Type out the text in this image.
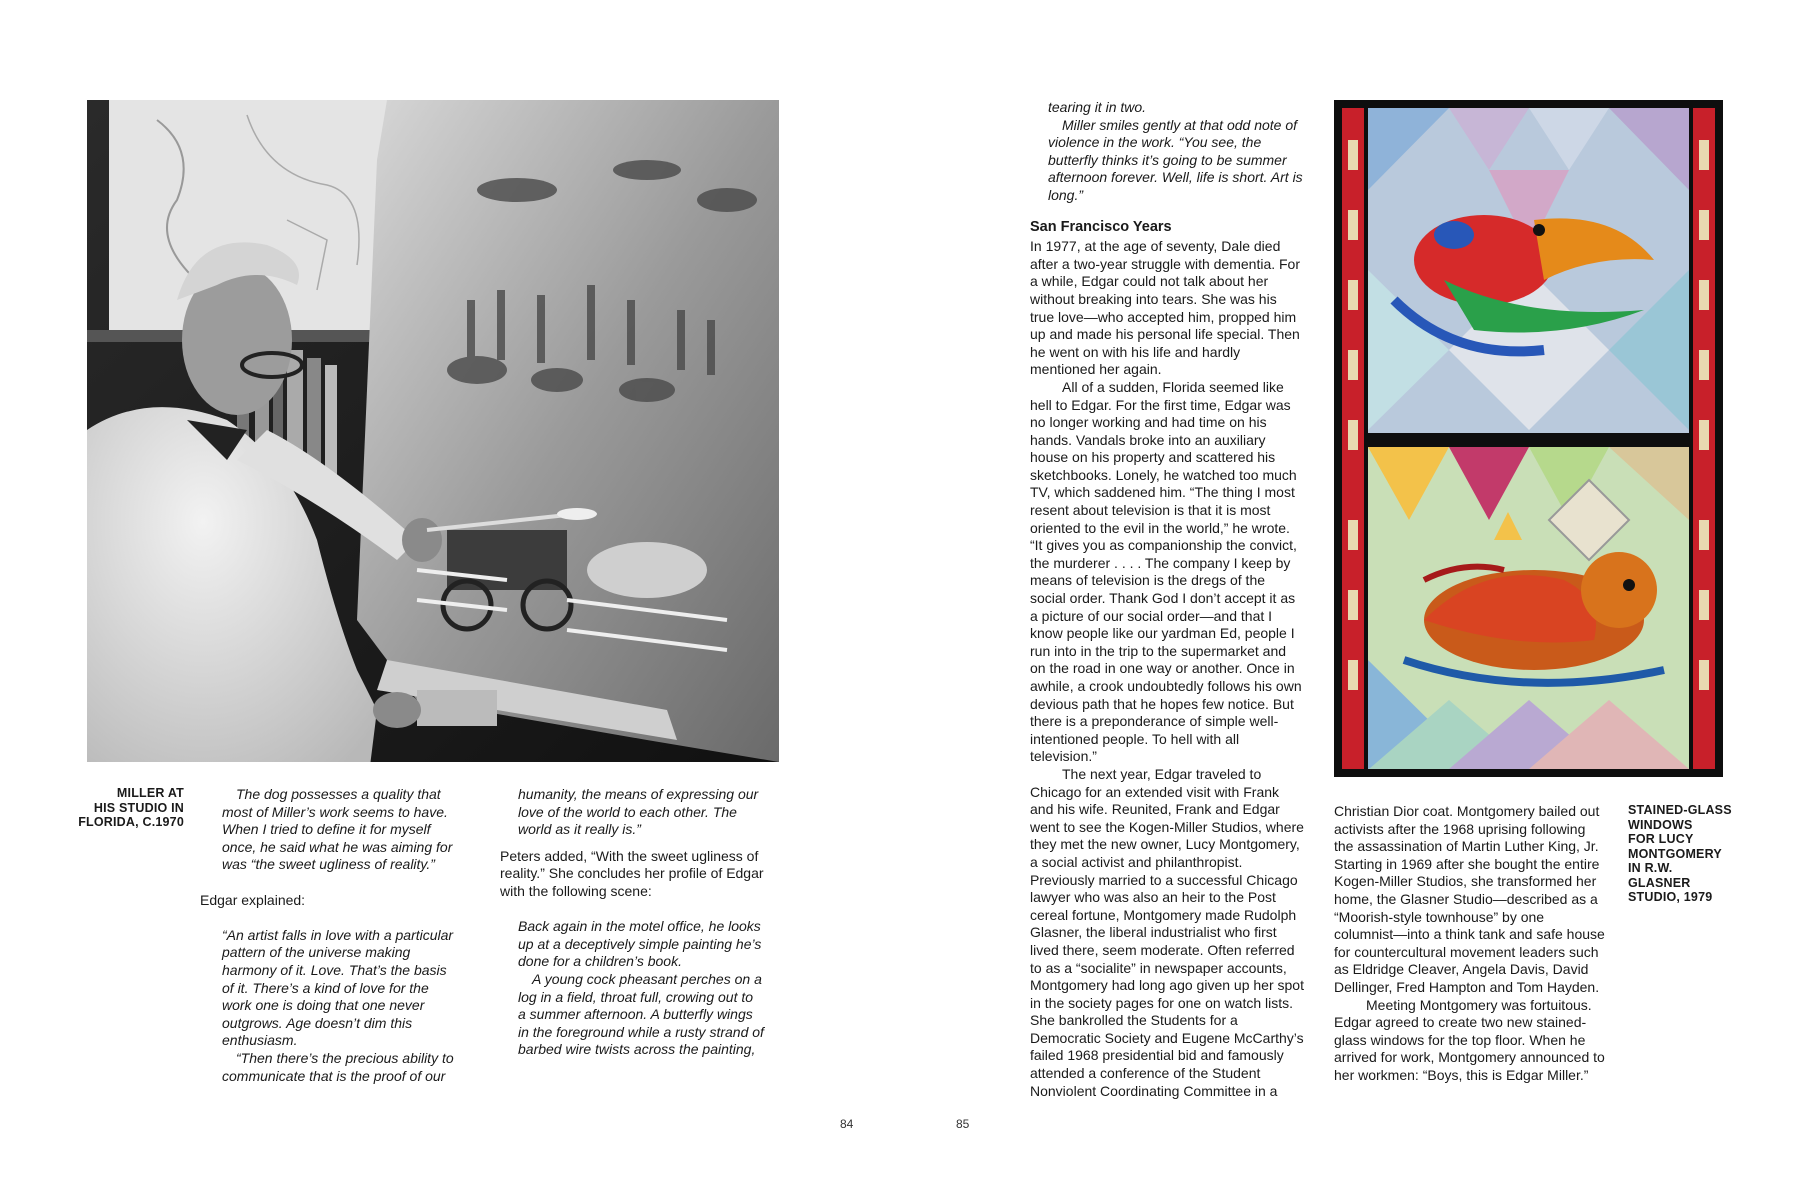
MILLER AT
HIS STUDIO IN
FLORIDA, C.1970

The dog possesses a quality that most of Miller’s work seems to have. When I tried to define it for myself once, he said what he was aiming for was “the sweet ugliness of reality.”

Edgar explained:

“An artist falls in love with a particular pattern of the universe making harmony of it. Love. That’s the basis of it. There’s a kind of love for the work one is doing that one never outgrows. Age doesn’t dim this enthusiasm.

“Then there’s the precious ability to communicate that is the proof of our

humanity, the means of expressing our love of the world to each other. The world as it really is.”

Peters added, “With the sweet ugliness of reality.” She concludes her profile of Edgar with the following scene:

Back again in the motel office, he looks up at a deceptively simple painting he’s done for a children’s book.

A young cock pheasant perches on a log in a field, throat full, crowing out to a summer afternoon. A butterfly wings in the foreground while a rusty strand of barbed wire twists across the painting,

84

tearing it in two.

Miller smiles gently at that odd note of violence in the work. “You see, the butterfly thinks it’s going to be summer afternoon forever. Well, life is short. Art is long.”

San Francisco Years

In 1977, at the age of seventy, Dale died after a two-year struggle with dementia. For a while, Edgar could not talk about her without breaking into tears. She was his true love—who accepted him, propped him up and made his personal life special. Then he went on with his life and hardly mentioned her again.

All of a sudden, Florida seemed like hell to Edgar. For the first time, Edgar was no longer working and had time on his hands. Vandals broke into an auxiliary house on his property and scattered his sketchbooks. Lonely, he watched too much TV, which saddened him. “The thing I most resent about television is that it is most oriented to the evil in the world,” he wrote. “It gives you as companionship the convict, the murderer . . . . The company I keep by means of television is the dregs of the social order. Thank God I don’t accept it as a picture of our social order—and that I know people like our yardman Ed, people I run into in the trip to the supermarket and on the road in one way or another. Once in awhile, a crook undoubtedly follows his own devious path that he hopes few notice. But there is a preponderance of simple well-intentioned people. To hell with all television.”

The next year, Edgar traveled to Chicago for an extended visit with Frank and his wife. Reunited, Frank and Edgar went to see the Kogen-Miller Studios, where they met the new owner, Lucy Montgomery, a social activist and philanthropist. Previously married to a successful Chicago lawyer who was also an heir to the Post cereal fortune, Montgomery made Rudolph Glasner, the liberal industrialist who first lived there, seem moderate. Often referred to as a “socialite” in newspaper accounts, Montgomery had long ago given up her spot in the society pages for one on watch lists. She bankrolled the Students for a Democratic Society and Eugene McCarthy’s failed 1968 presidential bid and famously attended a conference of the Student Nonviolent Coordinating Committee in a

Christian Dior coat. Montgomery bailed out activists after the 1968 uprising following the assassination of Martin Luther King, Jr. Starting in 1969 after she bought the entire Kogen-Miller Studios, she transformed her home, the Glasner Studio—described as a “Moorish-style townhouse” by one columnist—into a think tank and safe house for countercultural movement leaders such as Eldridge Cleaver, Angela Davis, David Dellinger, Fred Hampton and Tom Hayden.

Meeting Montgomery was fortuitous. Edgar agreed to create two new stained-glass windows for the top floor. When he arrived for work, Montgomery announced to her workmen: “Boys, this is Edgar Miller.”

STAINED-GLASS
WINDOWS
FOR LUCY
MONTGOMERY
IN R.W.
GLASNER
STUDIO, 1979
85
